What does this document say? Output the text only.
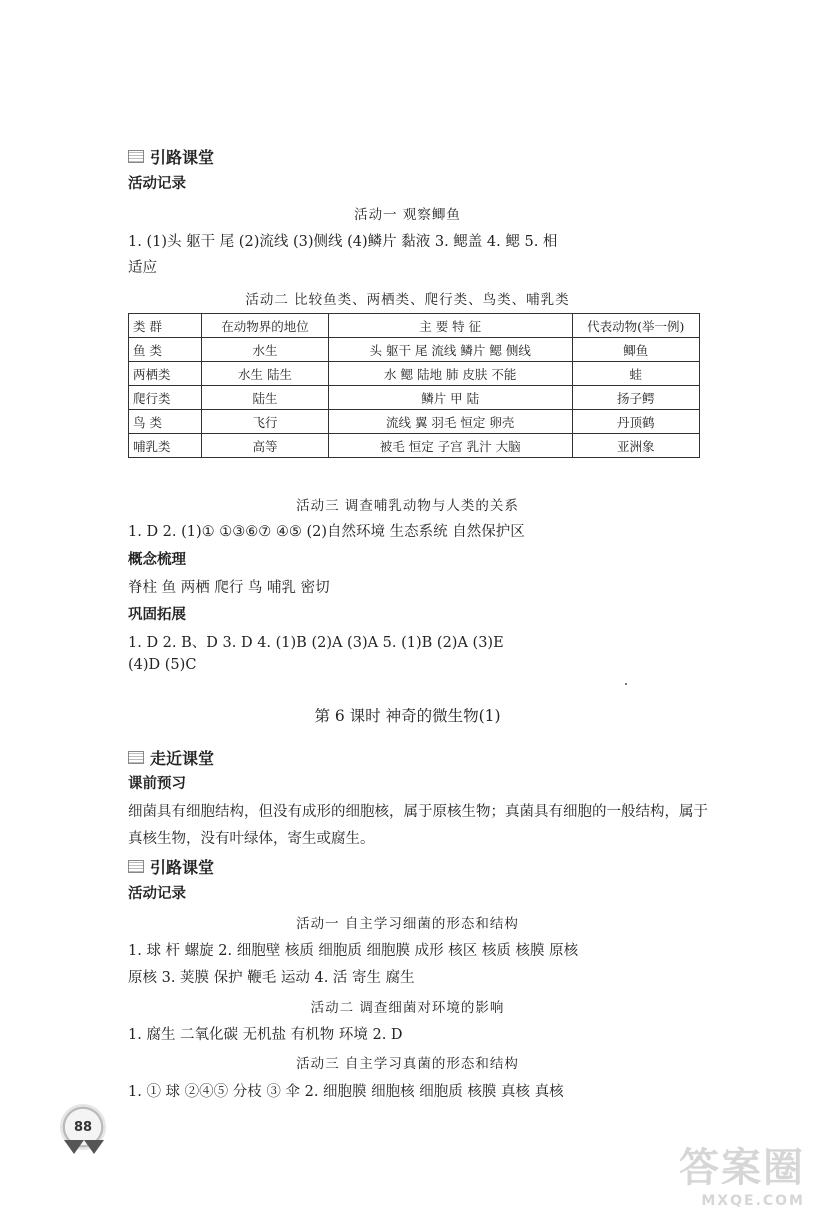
引路课堂
活动记录
活动一 观察鲫鱼
1. (1)头 躯干 尾 (2)流线 (3)侧线 (4)鳞片 黏液 3. 鳃盖 4. 鳃 5. 相
适应
活动二 比较鱼类、两栖类、爬行类、鸟类、哺乳类
类 群	在动物界的地位	主 要 特 征	代表动物(举一例)
鱼 类	水生	头 躯干 尾 流线 鳞片 鳃 侧线	鲫鱼
两栖类	水生 陆生	水 鳃 陆地 肺 皮肤 不能	蛙
爬行类	陆生	鳞片 甲 陆	扬子鳄
鸟 类	飞行	流线 翼 羽毛 恒定 卵壳	丹顶鹤
哺乳类	高等	被毛 恒定 子宫 乳汁 大脑	亚洲象
活动三 调查哺乳动物与人类的关系
1. D 2. (1)① ①③⑥⑦ ④⑤ (2)自然环境 生态系统 自然保护区
概念梳理
脊柱 鱼 两栖 爬行 鸟 哺乳 密切
巩固拓展
1. D 2. B、D 3. D 4. (1)B (2)A (3)A 5. (1)B (2)A (3)E
(4)D (5)C
第 6 课时 神奇的微生物(1)
走近课堂
课前预习
细菌具有细胞结构，但没有成形的细胞核，属于原核生物；真菌具有细胞的一般结构，属于
真核生物，没有叶绿体，寄生或腐生。
引路课堂
活动记录
活动一 自主学习细菌的形态和结构
1. 球 杆 螺旋 2. 细胞壁 核质 细胞质 细胞膜 成形 核区 核质 核膜 原核
原核 3. 荚膜 保护 鞭毛 运动 4. 活 寄生 腐生
活动二 调查细菌对环境的影响
1. 腐生 二氧化碳 无机盐 有机物 环境 2. D
活动三 自主学习真菌的形态和结构
1. ① 球 ②④⑤ 分枝 ③ 伞 2. 细胞膜 细胞核 细胞质 核膜 真核 真核
88
答案圈
MXQE.COM
